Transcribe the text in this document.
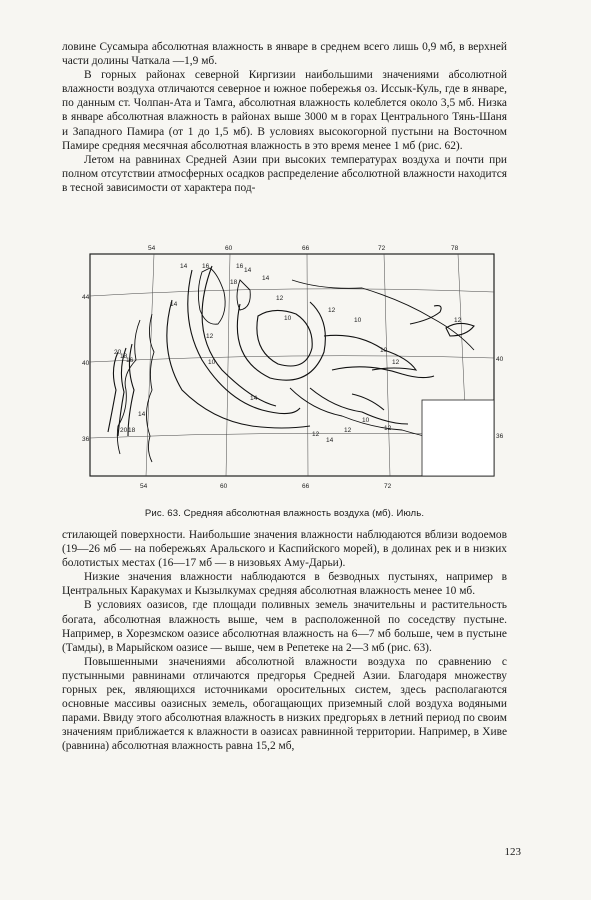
ловине Сусамыра абсолютная влажность в январе в среднем всего лишь 0,9 мб, в верхней части долины Чаткала —1,9 мб.

В горных районах северной Киргизии наибольшими значениями абсолютной влажности воздуха отличаются северное и южное побережья оз. Иссык-Куль, где в январе, по данным ст. Чолпан-Ата и Тамга, абсолютная влажность колеблется около 3,5 мб. Низка в январе абсолютная влажность в районах выше 3000 м в горах Центрального Тянь-Шаня и Западного Памира (от 1 до 1,5 мб). В условиях высокогорной пустыни на Восточном Памире средняя месячная абсолютная влажность в это время менее 1 мб (рис. 62).

Летом на равнинах Средней Азии при высоких температурах воздуха и почти при полном отсутствии атмосферных осадков распределение абсолютной влажности находится в тесной зависимости от характера под-

14 16	16
14
18
14
12
14
10
12
10
12
10
10
12
12
20
18
16
14
20 18
14
12
10
12
14
12
54	60	66	72	78
54	60	66	72
44
40
36
40
36
Рис. 63. Средняя абсолютная влажность воздуха (мб). Июль.

стилающей поверхности. Наибольшие значения влажности наблюдаются вблизи водоемов (19—26 мб — на побережьях Аральского и Каспийского морей), в долинах рек и в низких болотистых местах (16—17 мб — в низовьях Аму-Дарьи).

Низкие значения влажности наблюдаются в безводных пустынях, например в Центральных Каракумах и Кызылкумах средняя абсолютная влажность менее 10 мб.

В условиях оазисов, где площади поливных земель значительны и растительность богата, абсолютная влажность выше, чем в расположенной по соседству пустыне. Например, в Хорезмском оазисе абсолютная влажность на 6—7 мб больше, чем в пустыне (Тамды), в Марыйском оазисе — выше, чем в Репетеке на 2—3 мб (рис. 63).

Повышенными значениями абсолютной влажности воздуха по сравнению с пустынными равнинами отличаются предгорья Средней Азии. Благодаря множеству горных рек, являющихся источниками оросительных систем, здесь располагаются основные массивы оазисных земель, обогащающих приземный слой воздуха водяными парами. Ввиду этого абсолютная влажность в низких предгорьях в летний период по своим значениям приближается к влажности в оазисах равнинной территории. Например, в Хиве (равнина) абсолютная влажность равна 15,2 мб,

123
